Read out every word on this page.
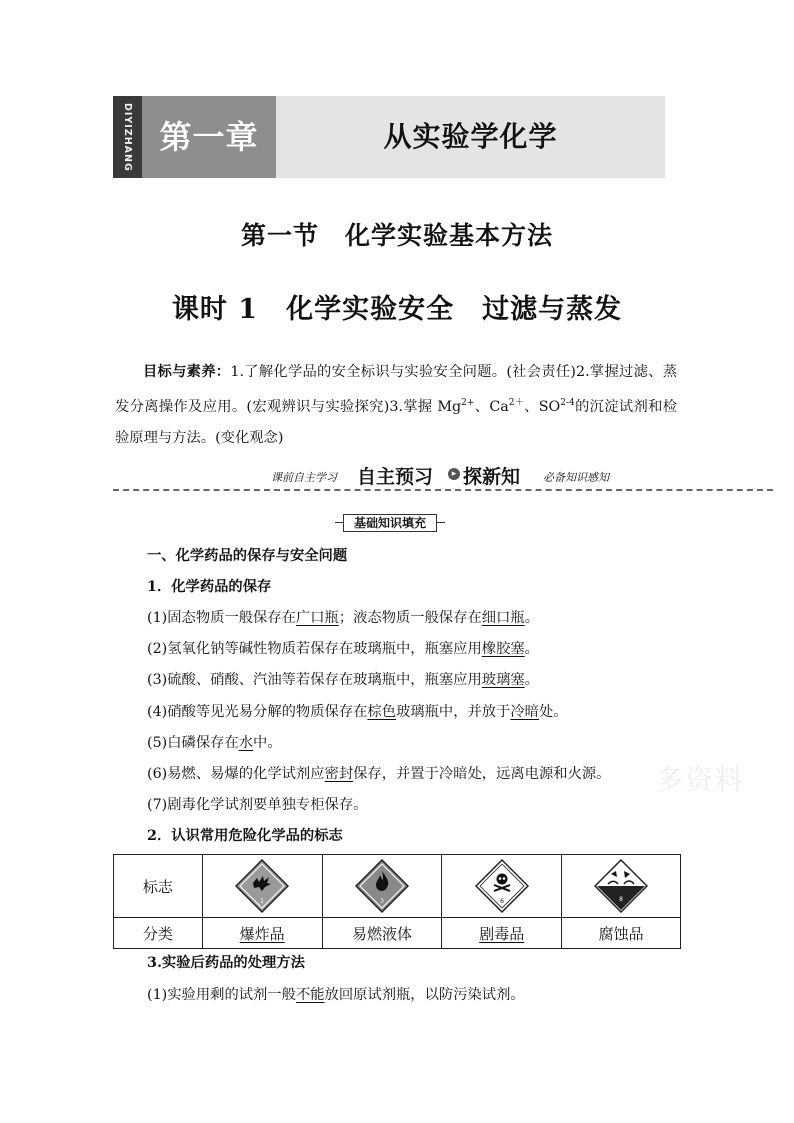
DIYIZHANG 第一章	从实验学化学
第一节　化学实验基本方法
课时 1　化学实验安全　过滤与蒸发
目标与素养：1.了解化学品的安全标识与实验安全问题。(社会责任)2.掌握过滤、蒸发分离操作及应用。(宏观辨识与实验探究)3.掌握 $Mg^{2+}$、$Ca^{2+}$、SO$^{2-4}$的沉淀试剂和检验原理与方法。(变化观念)
课前自主学习 自主预习	▸ 探新知 必备知识感知
基础知识填充
一、化学药品的保存与安全问题
1．化学药品的保存
(1)固态物质一般保存在广口瓶；液态物质一般保存在细口瓶。
(2)氢氧化钠等碱性物质若保存在玻璃瓶中，瓶塞应用橡胶塞。
(3)硫酸、硝酸、汽油等若保存在玻璃瓶中，瓶塞应用玻璃塞。
(4)硝酸等见光易分解的物质保存在棕色玻璃瓶中，并放于冷暗处。
(5)白磷保存在水中。
(6)易燃、易爆的化学试剂应密封保存，并置于冷暗处，远离电源和火源。
(7)剧毒化学试剂要单独专柜保存。
2．认识常用危险化学品的标志
多资料
标志	1	3	6	8

分类	爆炸品	易燃液体	剧毒品	腐蚀品
3.实验后药品的处理方法
(1)实验用剩的试剂一般不能放回原试剂瓶，以防污染试剂。
